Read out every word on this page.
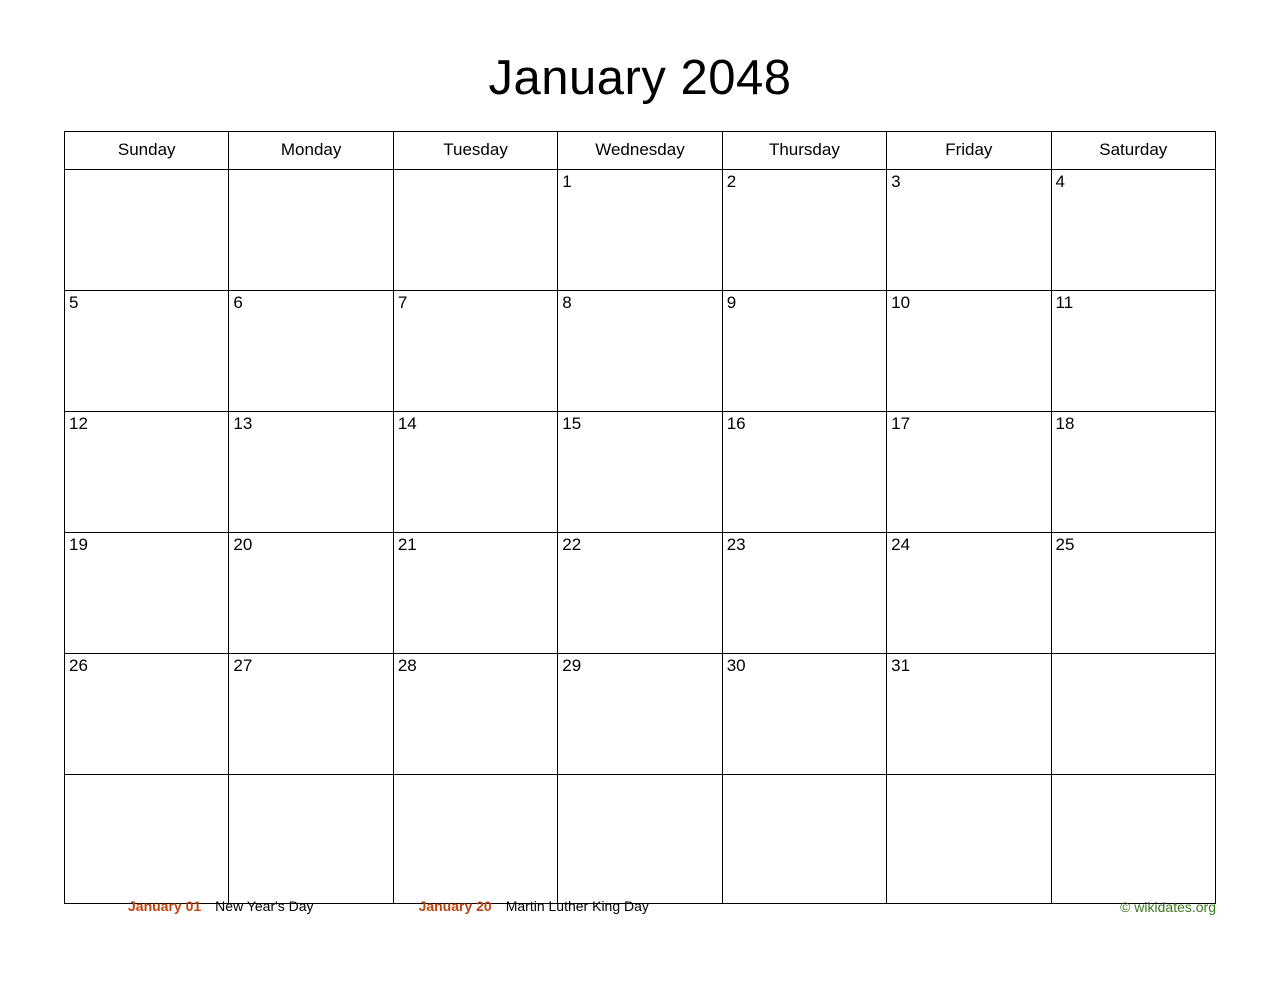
January 2048
Sunday	Monday	Tuesday	Wednesday	Thursday	Friday	Saturday

			1	2	3	4

5	6	7	8	9	10	11

12	13	14	15	16	17	18

19	20	21	22	23	24	25

26	27	28	29	30	31	

January 01 New Year's Day	January 20 Martin Luther King Day	© wikidates.org
